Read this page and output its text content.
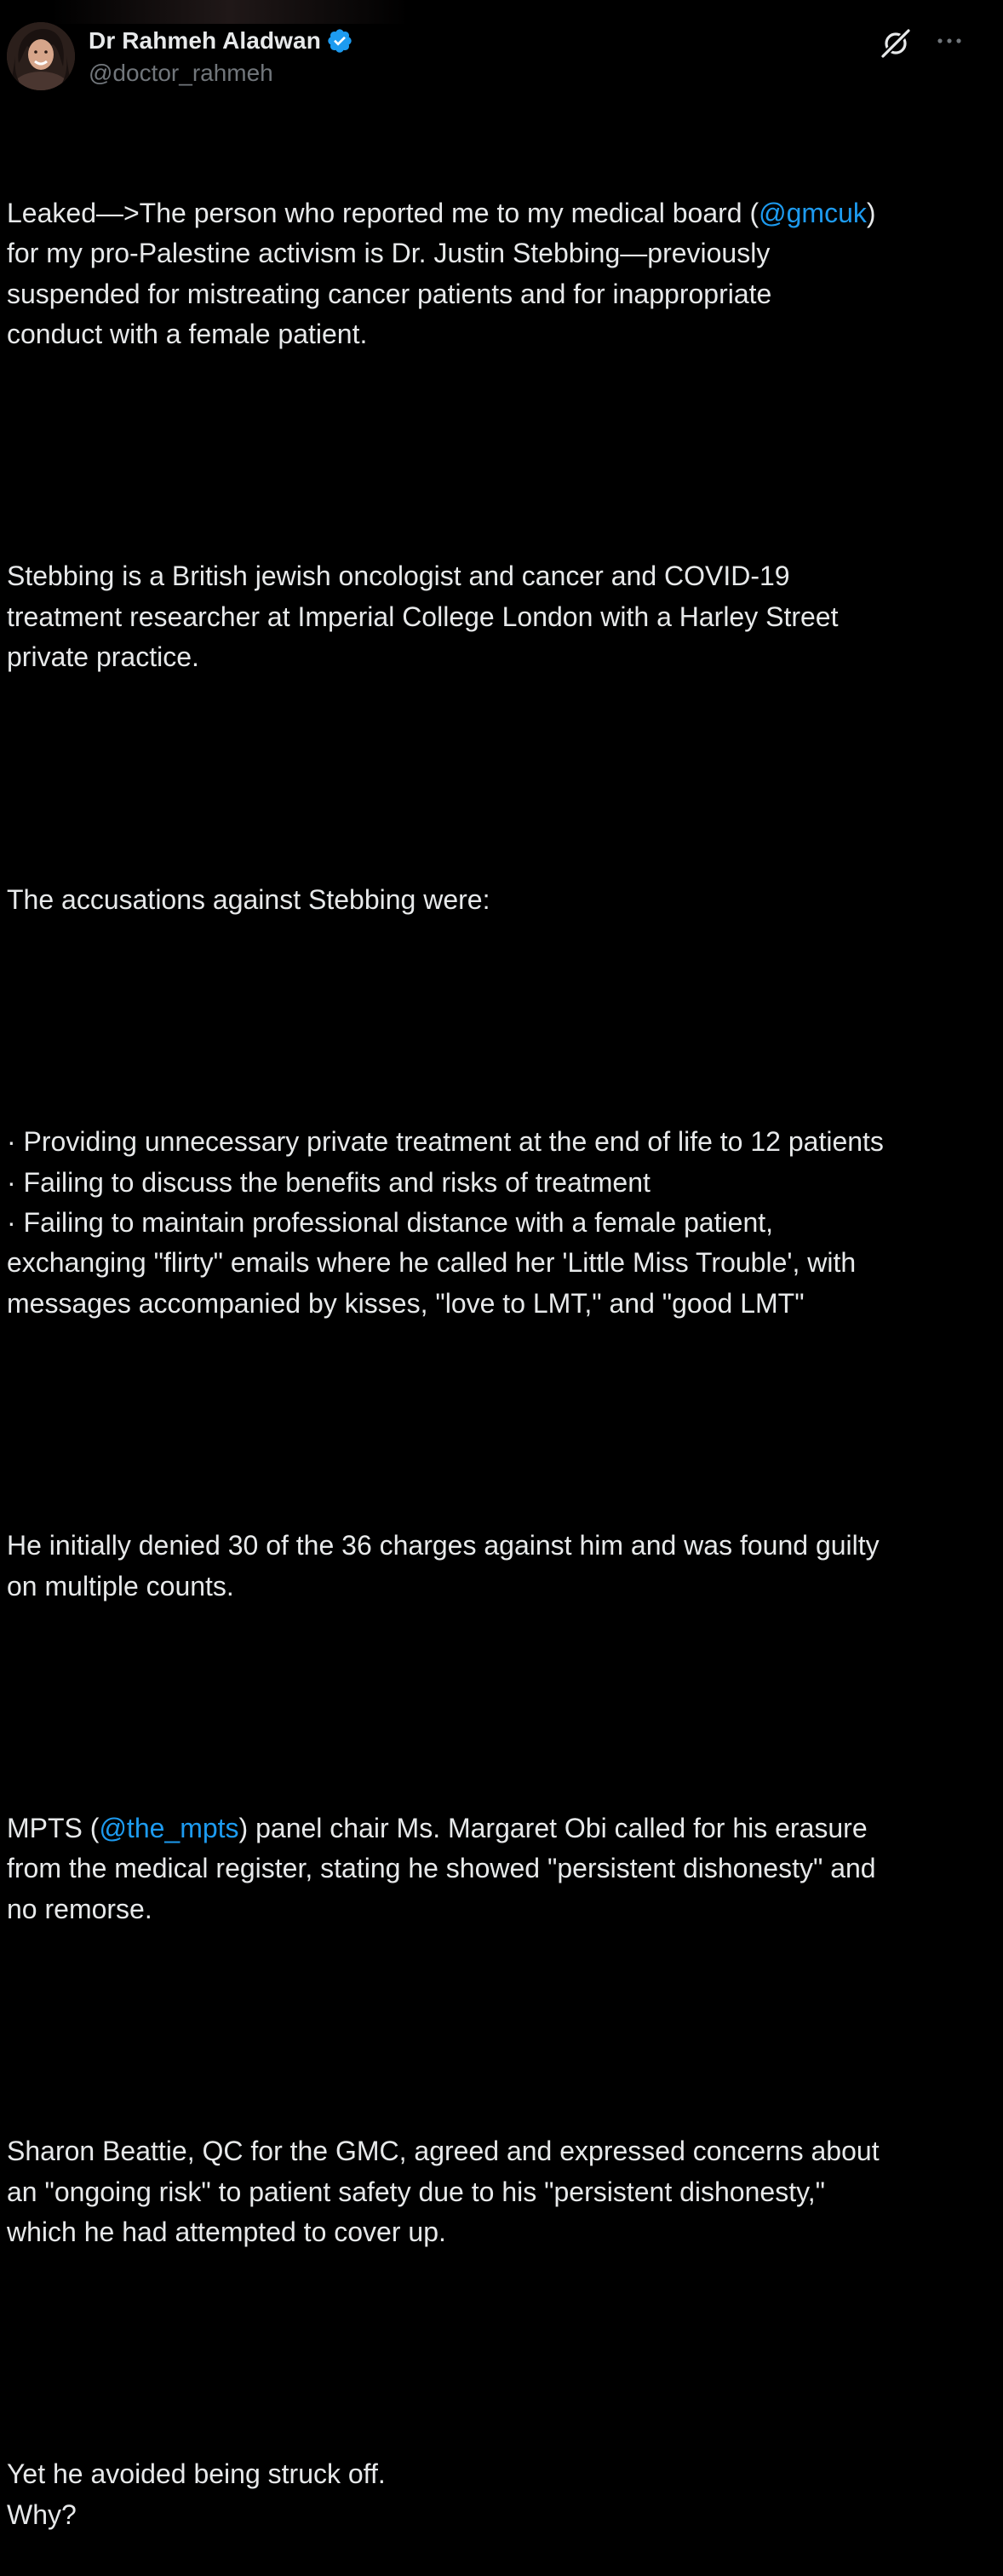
Dr Rahmeh Aladwan
@doctor_rahmeh

Leaked—>The person who reported me to my medical board (@gmcuk)
for my pro-Palestine activism is Dr. Justin Stebbing—previously
suspended for mistreating cancer patients and for inappropriate
conduct with a female patient.

Stebbing is a British jewish oncologist and cancer and COVID-19
treatment researcher at Imperial College London with a Harley Street
private practice.

The accusations against Stebbing were:

· Providing unnecessary private treatment at the end of life to 12 patients
· Failing to discuss the benefits and risks of treatment
· Failing to maintain professional distance with a female patient,
exchanging "flirty" emails where he called her 'Little Miss Trouble', with
messages accompanied by kisses, "love to LMT," and "good LMT"

He initially denied 30 of the 36 charges against him and was found guilty
on multiple counts.

MPTS (@the_mpts) panel chair Ms. Margaret Obi called for his erasure
from the medical register, stating he showed "persistent dishonesty" and
no remorse.

Sharon Beattie, QC for the GMC, agreed and expressed concerns about
an "ongoing risk" to patient safety due to his "persistent dishonesty,"
which he had attempted to cover up.

Yet he avoided being struck off.
Why?
